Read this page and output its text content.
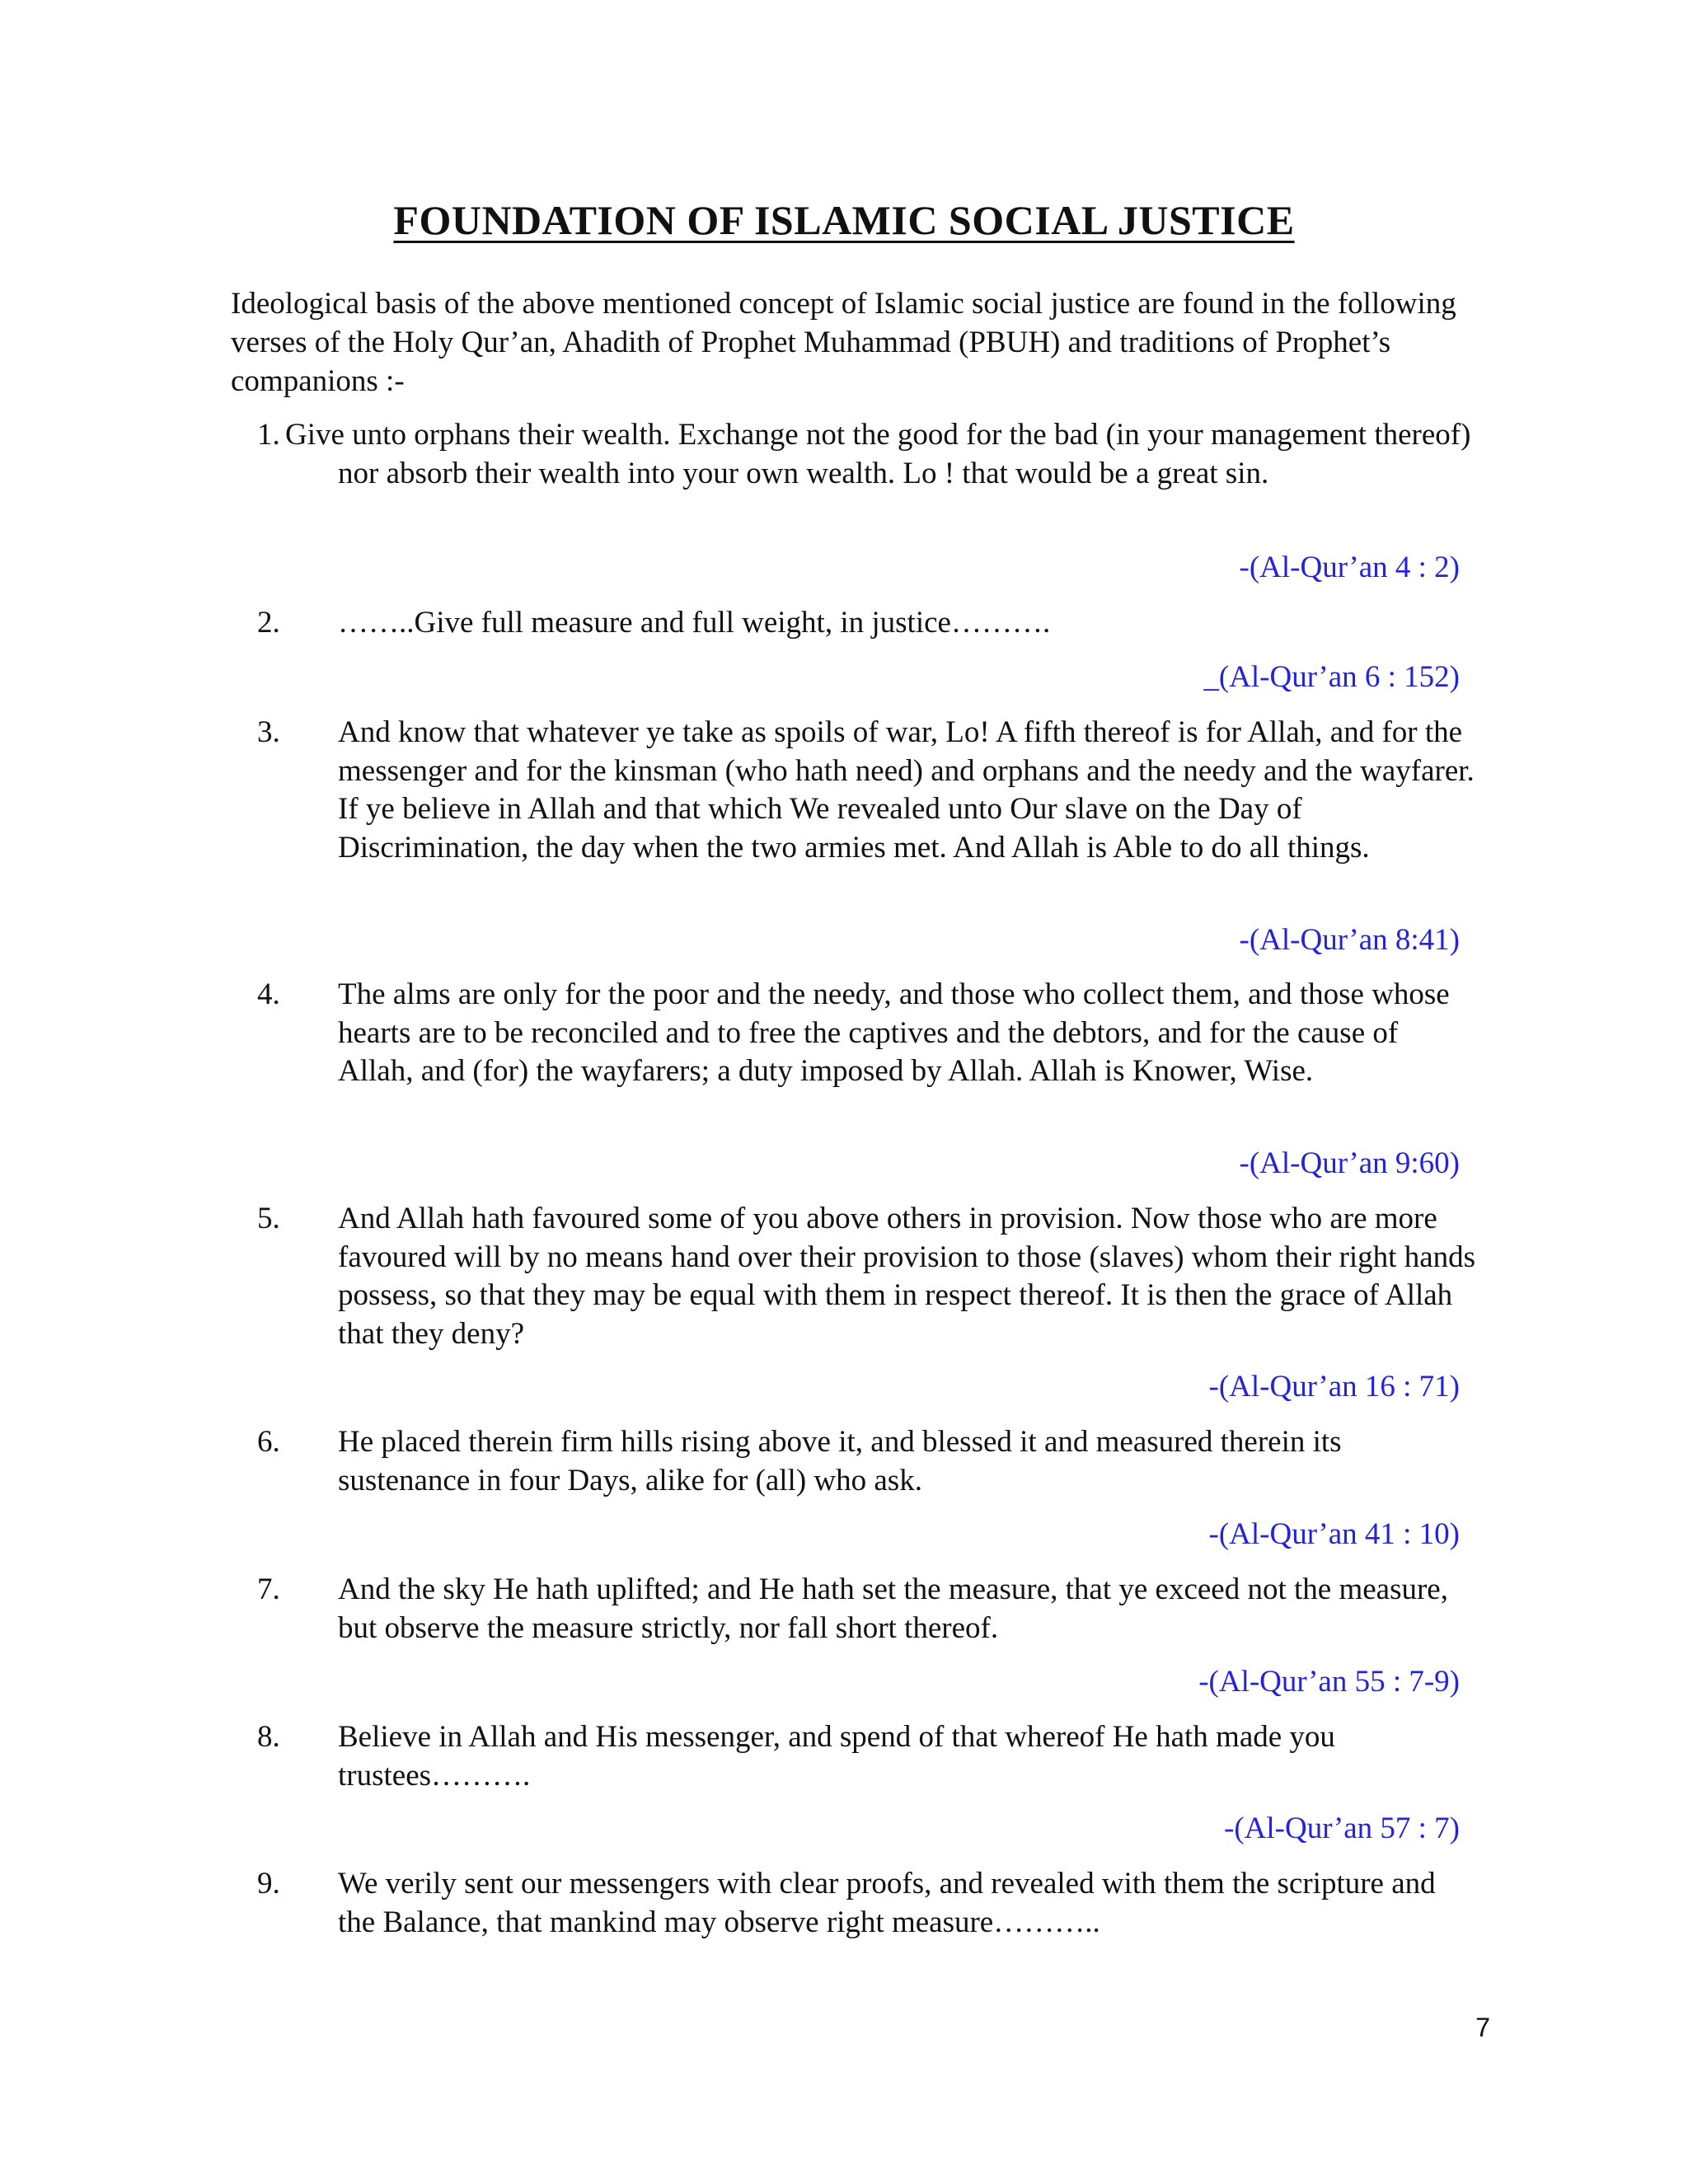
FOUNDATION OF ISLAMIC SOCIAL JUSTICE
Ideological basis of the above mentioned concept of Islamic social justice are found in the following verses of the Holy Qur’an, Ahadith of Prophet Muhammad (PBUH) and traditions of Prophet’s companions :-
1. Give unto orphans their wealth. Exchange not the good for the bad (in your management thereof) nor absorb their wealth into your own wealth. Lo ! that would be a great sin.
-(Al-Qur’an 4 : 2)
2. ……..Give full measure and full weight, in justice……….
_(Al-Qur’an 6 : 152)
3. And know that whatever ye take as spoils of war, Lo! A fifth thereof is for Allah, and for the messenger and for the kinsman (who hath need) and orphans and the needy and the wayfarer. If ye believe in Allah and that which We revealed unto Our slave on the Day of Discrimination, the day when the two armies met. And Allah is Able to do all things.
-(Al-Qur’an 8:41)
4. The alms are only for the poor and the needy, and those who collect them, and those whose hearts are to be reconciled and to free the captives and the debtors, and for the cause of Allah, and (for) the wayfarers; a duty imposed by Allah. Allah is Knower, Wise.
-(Al-Qur’an 9:60)
5. And Allah hath favoured some of you above others in provision. Now those who are more favoured will by no means hand over their provision to those (slaves) whom their right hands possess, so that they may be equal with them in respect thereof. It is then the grace of Allah that they deny?
-(Al-Qur’an 16 : 71)
6. He placed therein firm hills rising above it, and blessed it and measured therein its sustenance in four Days, alike for (all) who ask.
-(Al-Qur’an 41 : 10)
7. And the sky He hath uplifted; and He hath set the measure, that ye exceed not the measure, but observe the measure strictly, nor fall short thereof.
-(Al-Qur’an 55 : 7-9)
8. Believe in Allah and His messenger, and spend of that whereof He hath made you trustees……….
-(Al-Qur’an 57 : 7)
9. We verily sent our messengers with clear proofs, and revealed with them the scripture and the Balance, that mankind may observe right measure………..
7
